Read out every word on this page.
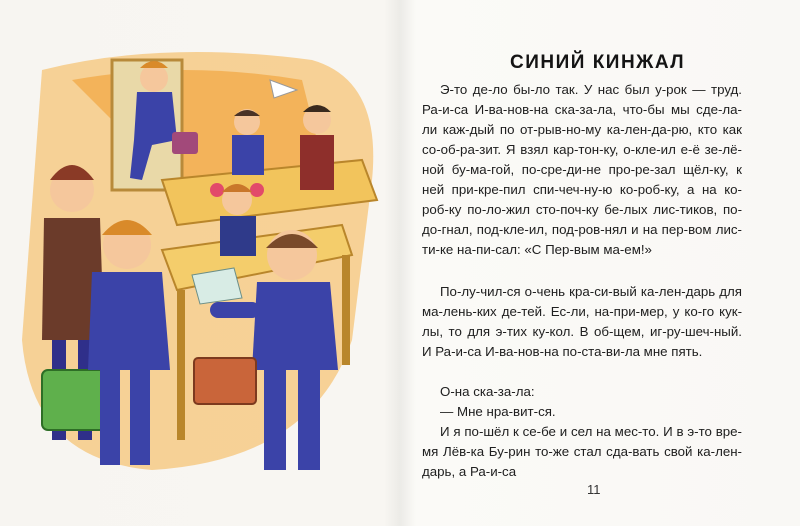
СИНИЙ КИНЖАЛ
Э-то де-ло бы-ло так. У нас был у-рок — труд. Ра-и-са И-ва-нов-на ска-за-ла, что-бы мы сде-ла-ли каж-дый по от-рыв-но-му ка-лен-да-рю, кто как со-об-ра-зит. Я взял кар-тон-ку, о-кле-ил е-ё зе-лё-ной бу-ма-гой, по-сре-ди-не про-ре-зал щёл-ку, к ней при-кре-пил спи-чеч-ну-ю ко-роб-ку, а на ко-роб-ку по-ло-жил сто-поч-ку бе-лых лис-тиков, по-до-гнал, под-кле-ил, под-ров-нял и на пер-вом лис-ти-ке на-пи-сал: «С Пер-вым ма-ем!»
По-лу-чил-ся о-чень кра-си-вый ка-лен-дарь для ма-лень-ких де-тей. Ес-ли, на-при-мер, у ко-го кук-лы, то для э-тих ку-кол. В об-щем, иг-ру-шеч-ный. И Ра-и-са И-ва-нов-на по-ста-ви-ла мне пять.
О-на ска-за-ла:
— Мне нра-вит-ся.
И я по-шёл к се-бе и сел на мес-то. И в э-то вре-мя Лёв-ка Бу-рин то-же стал сда-вать свой ка-лен-дарь, а Ра-и-са
11
